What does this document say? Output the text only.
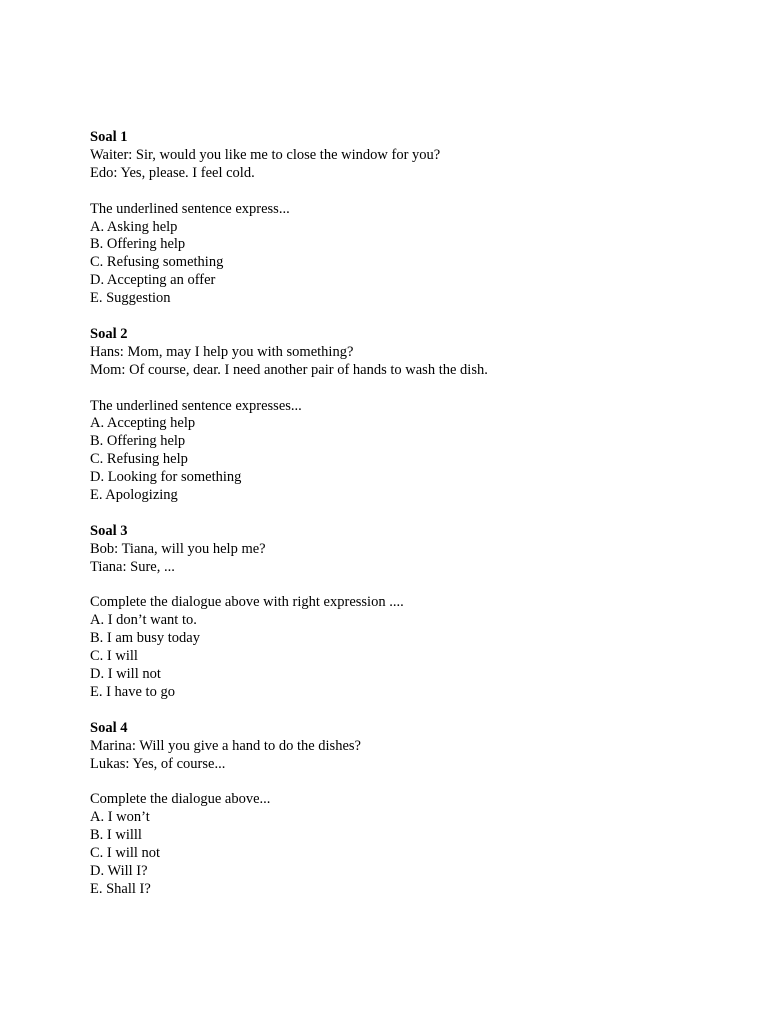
Soal 1
Waiter: Sir, would you like me to close the window for you?
Edo: Yes, please. I feel cold.
The underlined sentence express...
A. Asking help
B. Offering help
C. Refusing something
D. Accepting an offer
E. Suggestion
Soal 2
Hans: Mom, may I help you with something?
Mom: Of course, dear. I need another pair of hands to wash the dish.
The underlined sentence expresses...
A. Accepting help
B. Offering help
C. Refusing help
D. Looking for something
E. Apologizing
Soal 3
Bob: Tiana, will you help me?
Tiana: Sure, ...
Complete the dialogue above with right expression ....
A. I don’t want to.
B. I am busy today
C. I will
D. I will not
E. I have to go
Soal 4
Marina: Will you give a hand to do the dishes?
Lukas: Yes, of course...
Complete the dialogue above...
A. I won’t
B. I willl
C. I will not
D. Will I?
E. Shall I?
